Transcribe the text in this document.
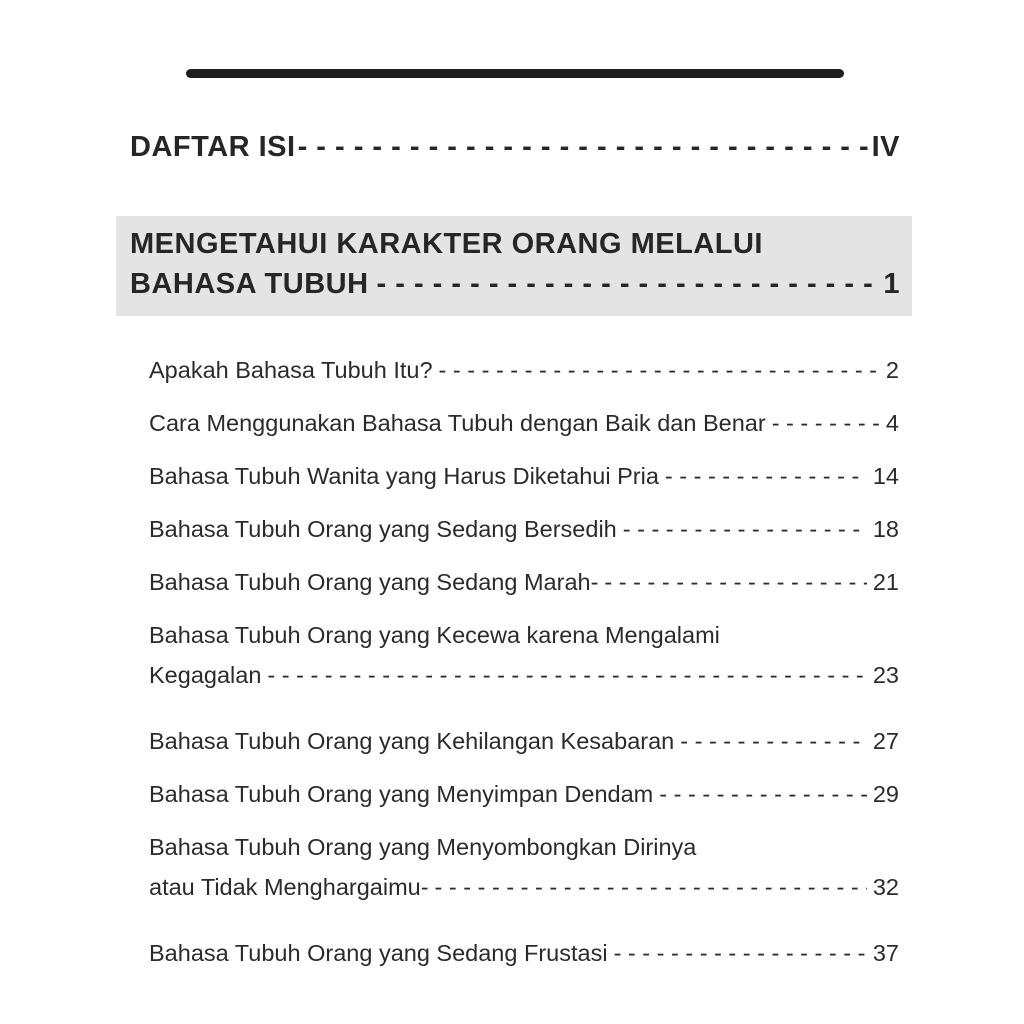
DAFTAR ISI - - -	IV
MENGETAHUI KARAKTER ORANG MELALUI
BAHASA TUBUH - - -	1
Apakah Bahasa Tubuh Itu? - - -	2
Cara Menggunakan Bahasa Tubuh dengan Baik dan Benar - - -	4
Bahasa Tubuh Wanita yang Harus Diketahui Pria - - -	14
Bahasa Tubuh Orang yang Sedang Bersedih - - -	18
Bahasa Tubuh Orang yang Sedang Marah- - - -	21
Bahasa Tubuh Orang yang Kecewa karena Mengalami
Kegagalan - - -	23
Bahasa Tubuh Orang yang Kehilangan Kesabaran - - -	27
Bahasa Tubuh Orang yang Menyimpan Dendam - - -	29
Bahasa Tubuh Orang yang Menyombongkan Dirinya
atau Tidak Menghargaimu- - - -	32
Bahasa Tubuh Orang yang Sedang Frustasi - - -	37
